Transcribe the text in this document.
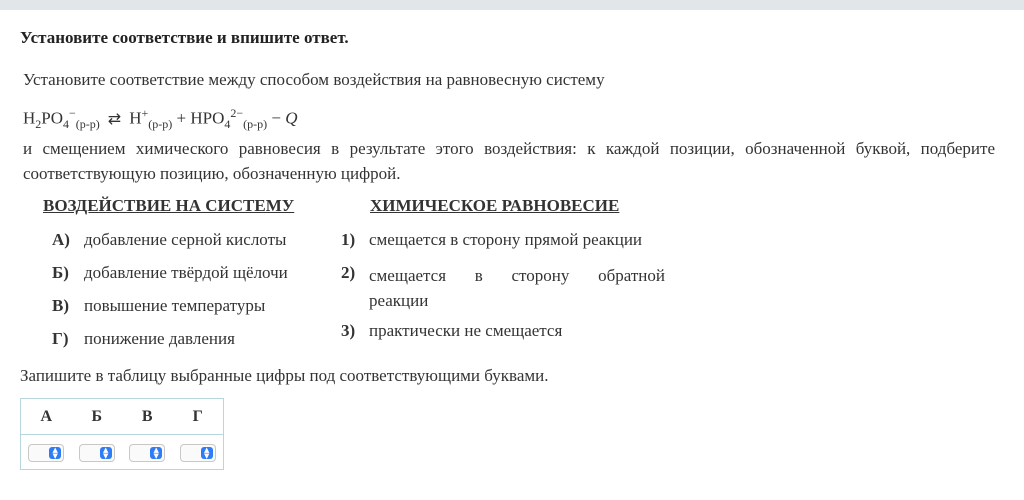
Установите соответствие и впишите ответ.
Установите соответствие между способом воздействия на равновесную систему
$H_2PO_4^-_{(р-р)}$ ⇄ $H^+_{(р-р)} + HPO_4^{2-}_{(р-р)} - Q$
и смещением химического равновесия в результате этого воздействия: к каждой позиции, обозначенной буквой, подберите соответствующую позицию, обозначенную цифрой.
ВОЗДЕЙСТВИЕ НА СИСТЕМУ	ХИМИЧЕСКОЕ РАВНОВЕСИЕ
А) добавление серной кислоты
Б) добавление твёрдой щёлочи
В) повышение температуры
Г) понижение давления
1) смещается в сторону прямой реакции
2) смещается в сторону обратной
реакции
3) практически не смещается
Запишите в таблицу выбранные цифры под соответствующими буквами.
А	Б	В	Г
▲
▼
▲
▼
▲
▼
▲
▼
